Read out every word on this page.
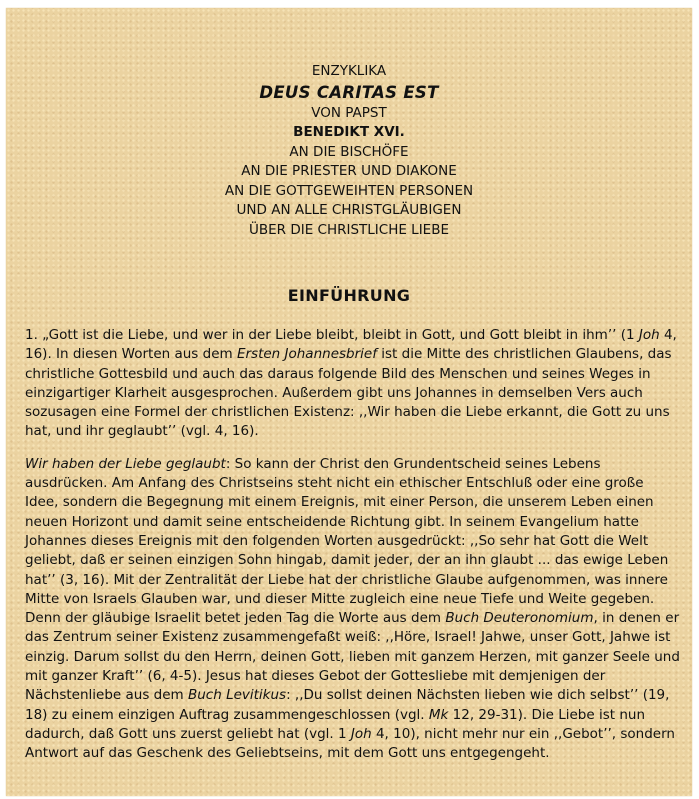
ENZYKLIKA
DEUS CARITAS EST
VON PAPST
BENEDIKT XVI.
AN DIE BISCHÖFE
AN DIE PRIESTER UND DIAKONE
AN DIE GOTTGEWEIHTEN PERSONEN
UND AN ALLE CHRISTGLÄUBIGEN
ÜBER DIE CHRISTLICHE LIEBE
EINFÜHRUNG

1. „Gott ist die Liebe, und wer in der Liebe bleibt, bleibt in Gott, und Gott bleibt in ihm’’ (1 Joh 4, 16). In diesen Worten aus dem Ersten Johannesbrief ist die Mitte des christlichen Glaubens, das christliche Gottesbild und auch das daraus folgende Bild des Menschen und seines Weges in einzigartiger Klarheit ausgesprochen. Außerdem gibt uns Johannes in demselben Vers auch sozusagen eine Formel der christlichen Existenz: ,,Wir haben die Liebe erkannt, die Gott zu uns hat, und ihr geglaubt’’ (vgl. 4, 16).

Wir haben der Liebe geglaubt: So kann der Christ den Grundentscheid seines Lebens ausdrücken. Am Anfang des Christseins steht nicht ein ethischer Entschluß oder eine große Idee, sondern die Begegnung mit einem Ereignis, mit einer Person, die unserem Leben einen neuen Horizont und damit seine entscheidende Richtung gibt. In seinem Evangelium hatte Johannes dieses Ereignis mit den folgenden Worten ausgedrückt: ,,So sehr hat Gott die Welt geliebt, daß er seinen einzigen Sohn hingab, damit jeder, der an ihn glaubt ... das ewige Leben hat’’ (3, 16). Mit der Zentralität der Liebe hat der christliche Glaube aufgenommen, was innere Mitte von Israels Glauben war, und dieser Mitte zugleich eine neue Tiefe und Weite gegeben. Denn der gläubige Israelit betet jeden Tag die Worte aus dem Buch Deuteronomium, in denen er das Zentrum seiner Existenz zusammengefaßt weiß: ,,Höre, Israel! Jahwe, unser Gott, Jahwe ist einzig. Darum sollst du den Herrn, deinen Gott, lieben mit ganzem Herzen, mit ganzer Seele und mit ganzer Kraft’’ (6, 4-5). Jesus hat dieses Gebot der Gottesliebe mit demjenigen der Nächstenliebe aus dem Buch Levitikus: ,,Du sollst deinen Nächsten lieben wie dich selbst’’ (19, 18) zu einem einzigen Auftrag zusammengeschlossen (vgl. Mk 12, 29-31). Die Liebe ist nun dadurch, daß Gott uns zuerst geliebt hat (vgl. 1 Joh 4, 10), nicht mehr nur ein ,,Gebot’’, sondern Antwort auf das Geschenk des Geliebtseins, mit dem Gott uns entgegengeht.
